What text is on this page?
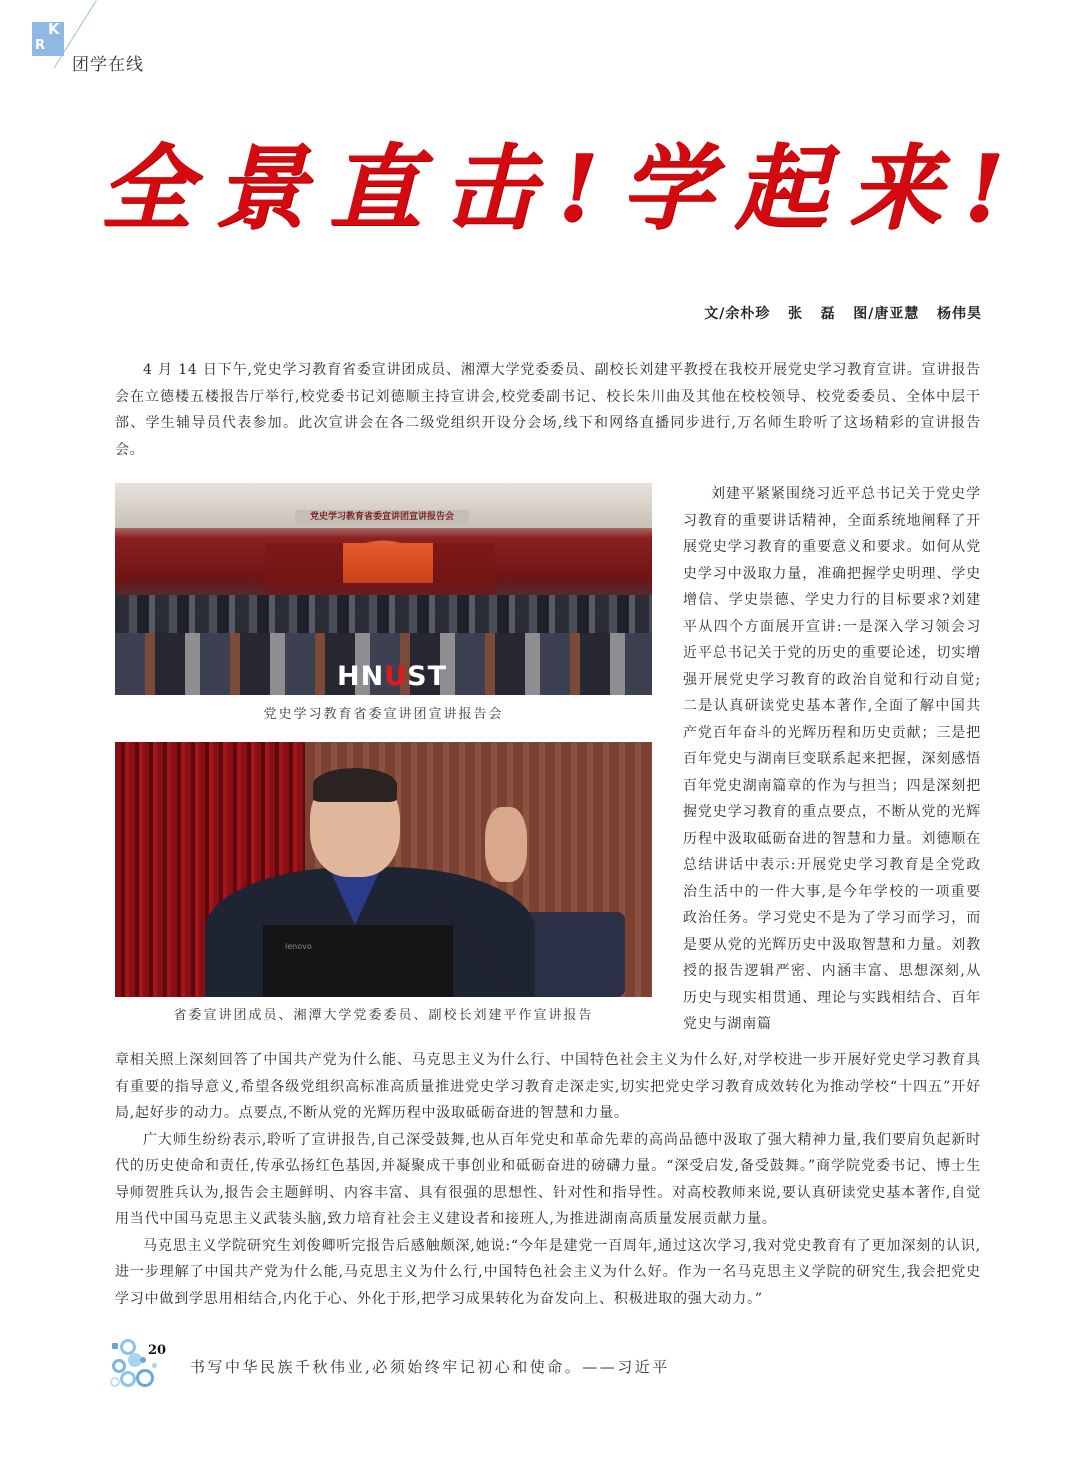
K
R
团学在线
全 景 直 击 ! 学 起 来 !
文/余朴珍   张   磊   图/唐亚慧   杨伟昊

4 月 14 日下午,党史学习教育省委宣讲团成员、湘潭大学党委委员、副校长刘建平教授在我校开展党史学习教育宣讲。宣讲报告会在立德楼五楼报告厅举行,校党委书记刘德顺主持宣讲会,校党委副书记、校长朱川曲及其他在校校领导、校党委委员、全体中层干部、学生辅导员代表参加。此次宣讲会在各二级党组织开设分会场,线下和网络直播同步进行,万名师生聆听了这场精彩的宣讲报告会。

党史学习教育省委宣讲团宣讲报告会
HNUST
党史学习教育省委宣讲团宣讲报告会
lenovo
省委宣讲团成员、湘潭大学党委委员、副校长刘建平作宣讲报告

刘建平紧紧围绕习近平总书记关于党史学习教育的重要讲话精神，全面系统地阐释了开展党史学习教育的重要意义和要求。如何从党史学习中汲取力量，准确把握学史明理、学史增信、学史崇德、学史力行的目标要求?刘建平从四个方面展开宣讲:一是深入学习领会习近平总书记关于党的历史的重要论述，切实增强开展党史学习教育的政治自觉和行动自觉;二是认真研读党史基本著作,全面了解中国共产党百年奋斗的光辉历程和历史贡献；三是把百年党史与湖南巨变联系起来把握，深刻感悟百年党史湖南篇章的作为与担当；四是深刻把握党史学习教育的重点要点，不断从党的光辉历程中汲取砥砺奋进的智慧和力量。刘德顺在总结讲话中表示:开展党史学习教育是全党政治生活中的一件大事,是今年学校的一项重要政治任务。学习党史不是为了学习而学习，而是要从党的光辉历史中汲取智慧和力量。刘教授的报告逻辑严密、内涵丰富、思想深刻,从历史与现实相贯通、理论与实践相结合、百年党史与湖南篇

章相关照上深刻回答了中国共产党为什么能、马克思主义为什么行、中国特色社会主义为什么好,对学校进一步开展好党史学习教育具有重要的指导意义,希望各级党组织高标准高质量推进党史学习教育走深走实,切实把党史学习教育成效转化为推动学校“十四五”开好局,起好步的动力。点要点,不断从党的光辉历程中汲取砥砺奋进的智慧和力量。

广大师生纷纷表示,聆听了宣讲报告,自己深受鼓舞,也从百年党史和革命先辈的高尚品德中汲取了强大精神力量,我们要肩负起新时代的历史使命和责任,传承弘扬红色基因,并凝聚成干事创业和砥砺奋进的磅礴力量。“深受启发,备受鼓舞。”商学院党委书记、博士生导师贺胜兵认为,报告会主题鲜明、内容丰富、具有很强的思想性、针对性和指导性。对高校教师来说,要认真研读党史基本著作,自觉用当代中国马克思主义武装头脑,致力培育社会主义建设者和接班人,为推进湖南高质量发展贡献力量。

马克思主义学院研究生刘俊卿听完报告后感触颇深,她说:“今年是建党一百周年,通过这次学习,我对党史教育有了更加深刻的认识,进一步理解了中国共产党为什么能,马克思主义为什么行,中国特色社会主义为什么好。作为一名马克思主义学院的研究生,我会把党史学习中做到学思用相结合,内化于心、外化于形,把学习成果转化为奋发向上、积极进取的强大动力。”

20
书写中华民族千秋伟业,必须始终牢记初心和使命。——习近平
